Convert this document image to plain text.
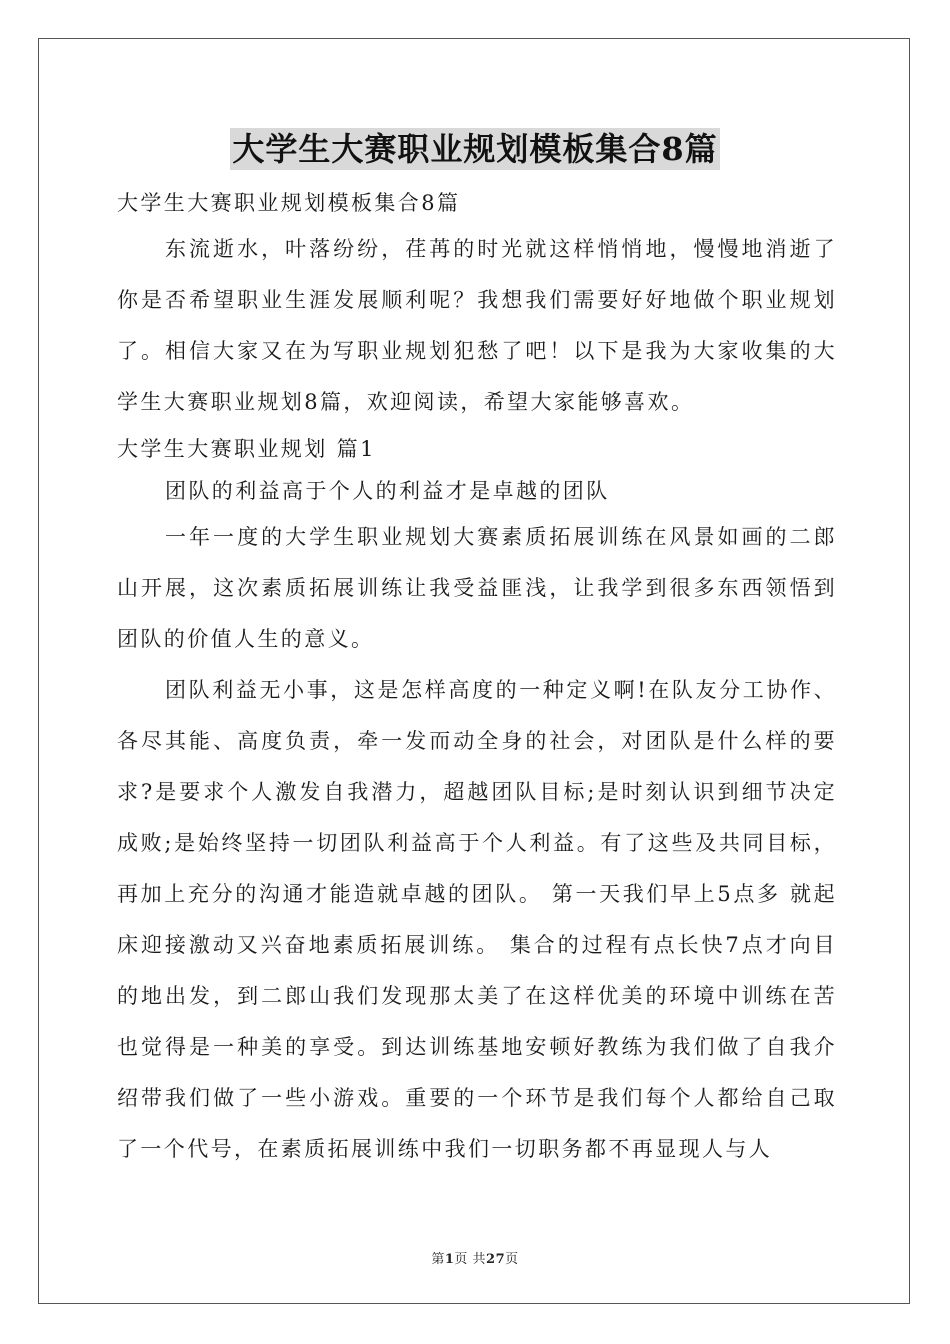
大学生大赛职业规划模板集合8篇

大学生大赛职业规划模板集合8篇

东流逝水，叶落纷纷，荏苒的时光就这样悄悄地，慢慢地消逝了你是否希望职业生涯发展顺利呢？我想我们需要好好地做个职业规划了。相信大家又在为写职业规划犯愁了吧！以下是我为大家收集的大学生大赛职业规划8篇，欢迎阅读，希望大家能够喜欢。

大学生大赛职业规划 篇1

团队的利益高于个人的利益才是卓越的团队

一年一度的大学生职业规划大赛素质拓展训练在风景如画的二郎山开展，这次素质拓展训练让我受益匪浅，让我学到很多东西领悟到团队的价值人生的意义。

团队利益无小事，这是怎样高度的一种定义啊!在队友分工协作、各尽其能、高度负责，牵一发而动全身的社会，对团队是什么样的要求?是要求个人激发自我潜力，超越团队目标;是时刻认识到细节决定成败;是始终坚持一切团队利益高于个人利益。有了这些及共同目标，再加上充分的沟通才能造就卓越的团队。 第一天我们早上5点多 就起床迎接激动又兴奋地素质拓展训练。 集合的过程有点长快7点才向目的地出发，到二郎山我们发现那太美了在这样优美的环境中训练在苦也觉得是一种美的享受。到达训练基地安顿好教练为我们做了自我介绍带我们做了一些小游戏。重要的一个环节是我们每个人都给自己取了一个代号，在素质拓展训练中我们一切职务都不再显现人与人

第1页 共27页
